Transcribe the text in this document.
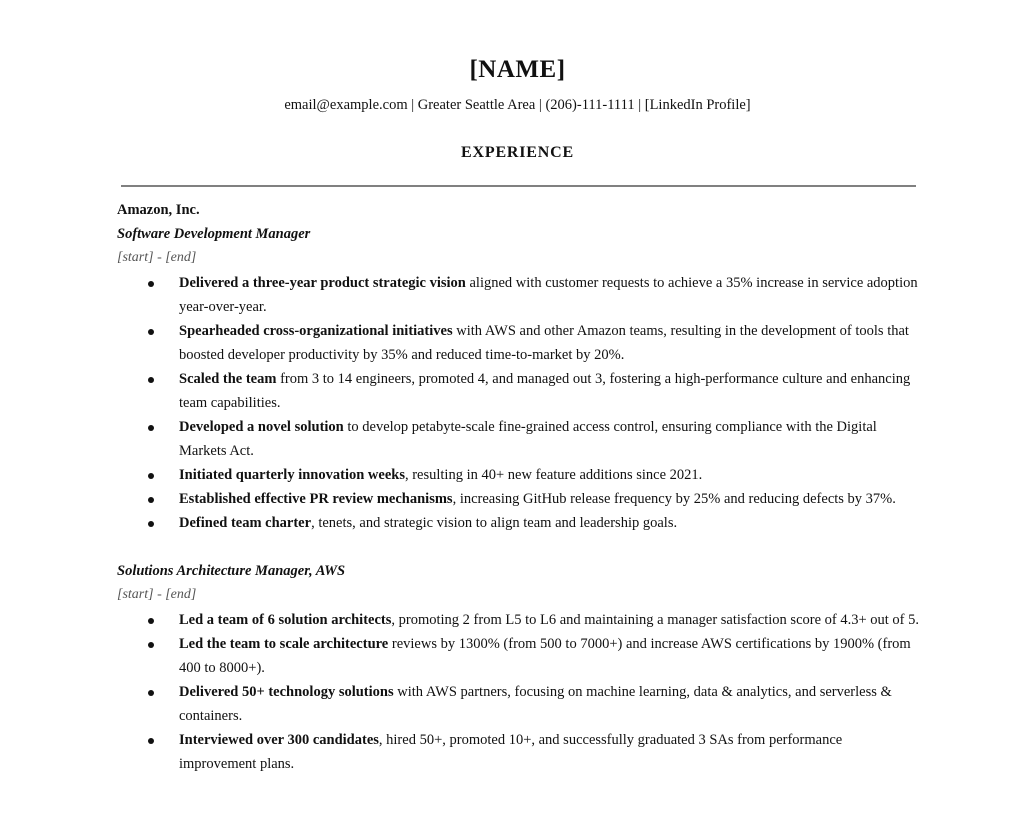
[NAME]
email@example.com | Greater Seattle Area | (206)-111-1111 | [LinkedIn Profile]
EXPERIENCE
Amazon, Inc.
Software Development Manager
[start] - [end]
Delivered a three-year product strategic vision aligned with customer requests to achieve a 35% increase in service adoption year-over-year.
Spearheaded cross-organizational initiatives with AWS and other Amazon teams, resulting in the development of tools that boosted developer productivity by 35% and reduced time-to-market by 20%.
Scaled the team from 3 to 14 engineers, promoted 4, and managed out 3, fostering a high-performance culture and enhancing team capabilities.
Developed a novel solution to develop petabyte-scale fine-grained access control, ensuring compliance with the Digital Markets Act.
Initiated quarterly innovation weeks, resulting in 40+ new feature additions since 2021.
Established effective PR review mechanisms, increasing GitHub release frequency by 25% and reducing defects by 37%.
Defined team charter, tenets, and strategic vision to align team and leadership goals.
Solutions Architecture Manager, AWS
[start] - [end]
Led a team of 6 solution architects, promoting 2 from L5 to L6 and maintaining a manager satisfaction score of 4.3+ out of 5.
Led the team to scale architecture reviews by 1300% (from 500 to 7000+) and increase AWS certifications by 1900% (from 400 to 8000+).
Delivered 50+ technology solutions with AWS partners, focusing on machine learning, data & analytics, and serverless & containers.
Interviewed over 300 candidates, hired 50+, promoted 10+, and successfully graduated 3 SAs from performance improvement plans.
